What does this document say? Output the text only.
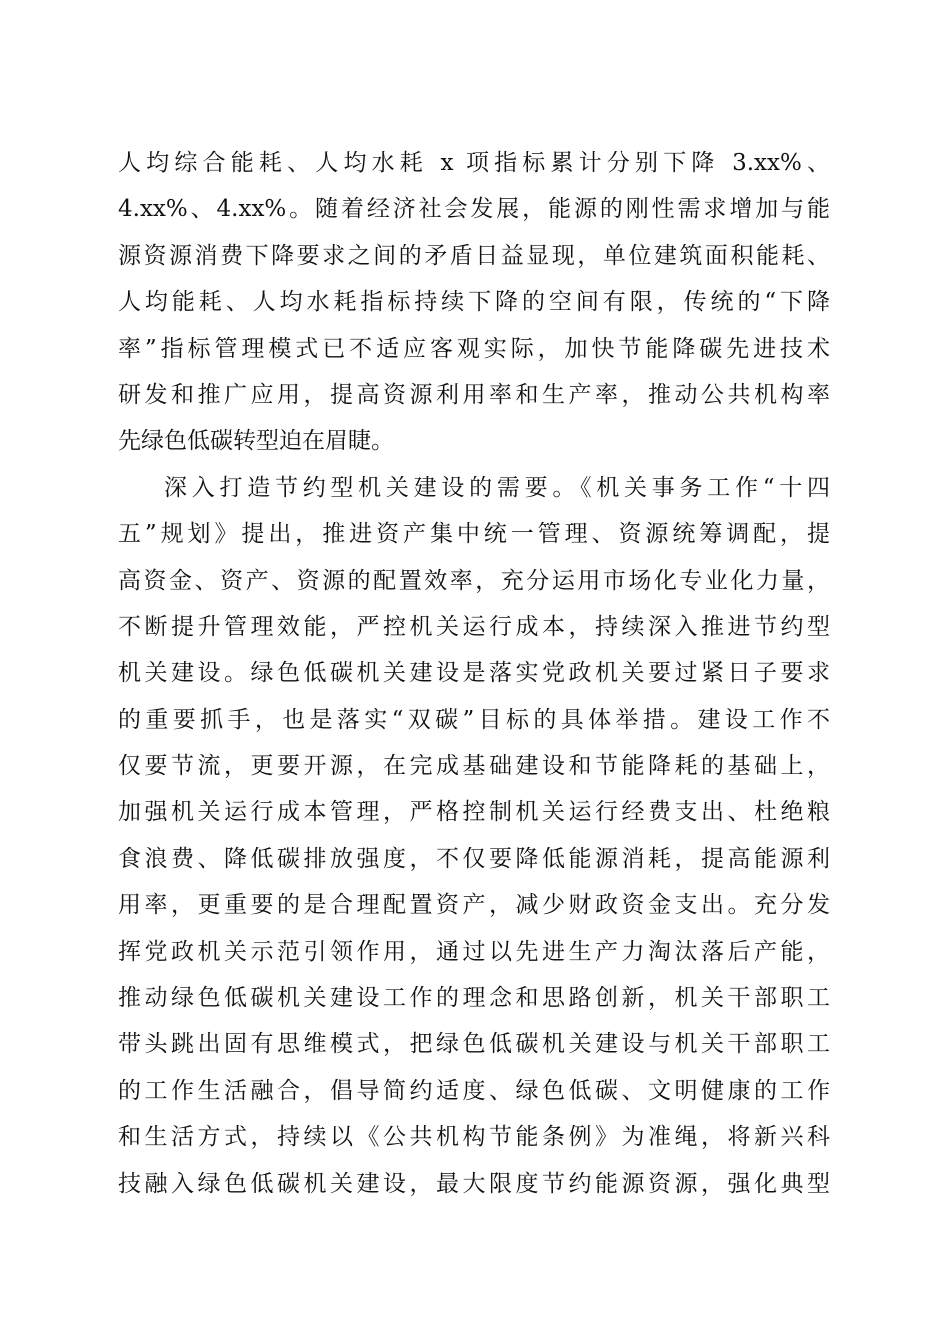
人均综合能耗、人均水耗 x 项指标累计分别下降 3.xx%、
4.xx%、4.xx%。随着经济社会发展，能源的刚性需求增加与能
源资源消费下降要求之间的矛盾日益显现，单位建筑面积能耗、
人均能耗、人均水耗指标持续下降的空间有限，传统的“下降
率”指标管理模式已不适应客观实际，加快节能降碳先进技术
研发和推广应用，提高资源利用率和生产率，推动公共机构率
先绿色低碳转型迫在眉睫。
深入打造节约型机关建设的需要。《机关事务工作“十四
五”规划》提出，推进资产集中统一管理、资源统筹调配，提
高资金、资产、资源的配置效率，充分运用市场化专业化力量，
不断提升管理效能，严控机关运行成本，持续深入推进节约型
机关建设。绿色低碳机关建设是落实党政机关要过紧日子要求
的重要抓手，也是落实“双碳”目标的具体举措。建设工作不
仅要节流，更要开源，在完成基础建设和节能降耗的基础上，
加强机关运行成本管理，严格控制机关运行经费支出、杜绝粮
食浪费、降低碳排放强度，不仅要降低能源消耗，提高能源利
用率，更重要的是合理配置资产，减少财政资金支出。充分发
挥党政机关示范引领作用，通过以先进生产力淘汰落后产能，
推动绿色低碳机关建设工作的理念和思路创新，机关干部职工
带头跳出固有思维模式，把绿色低碳机关建设与机关干部职工
的工作生活融合，倡导简约适度、绿色低碳、文明健康的工作
和生活方式，持续以《公共机构节能条例》为准绳，将新兴科
技融入绿色低碳机关建设，最大限度节约能源资源，强化典型
